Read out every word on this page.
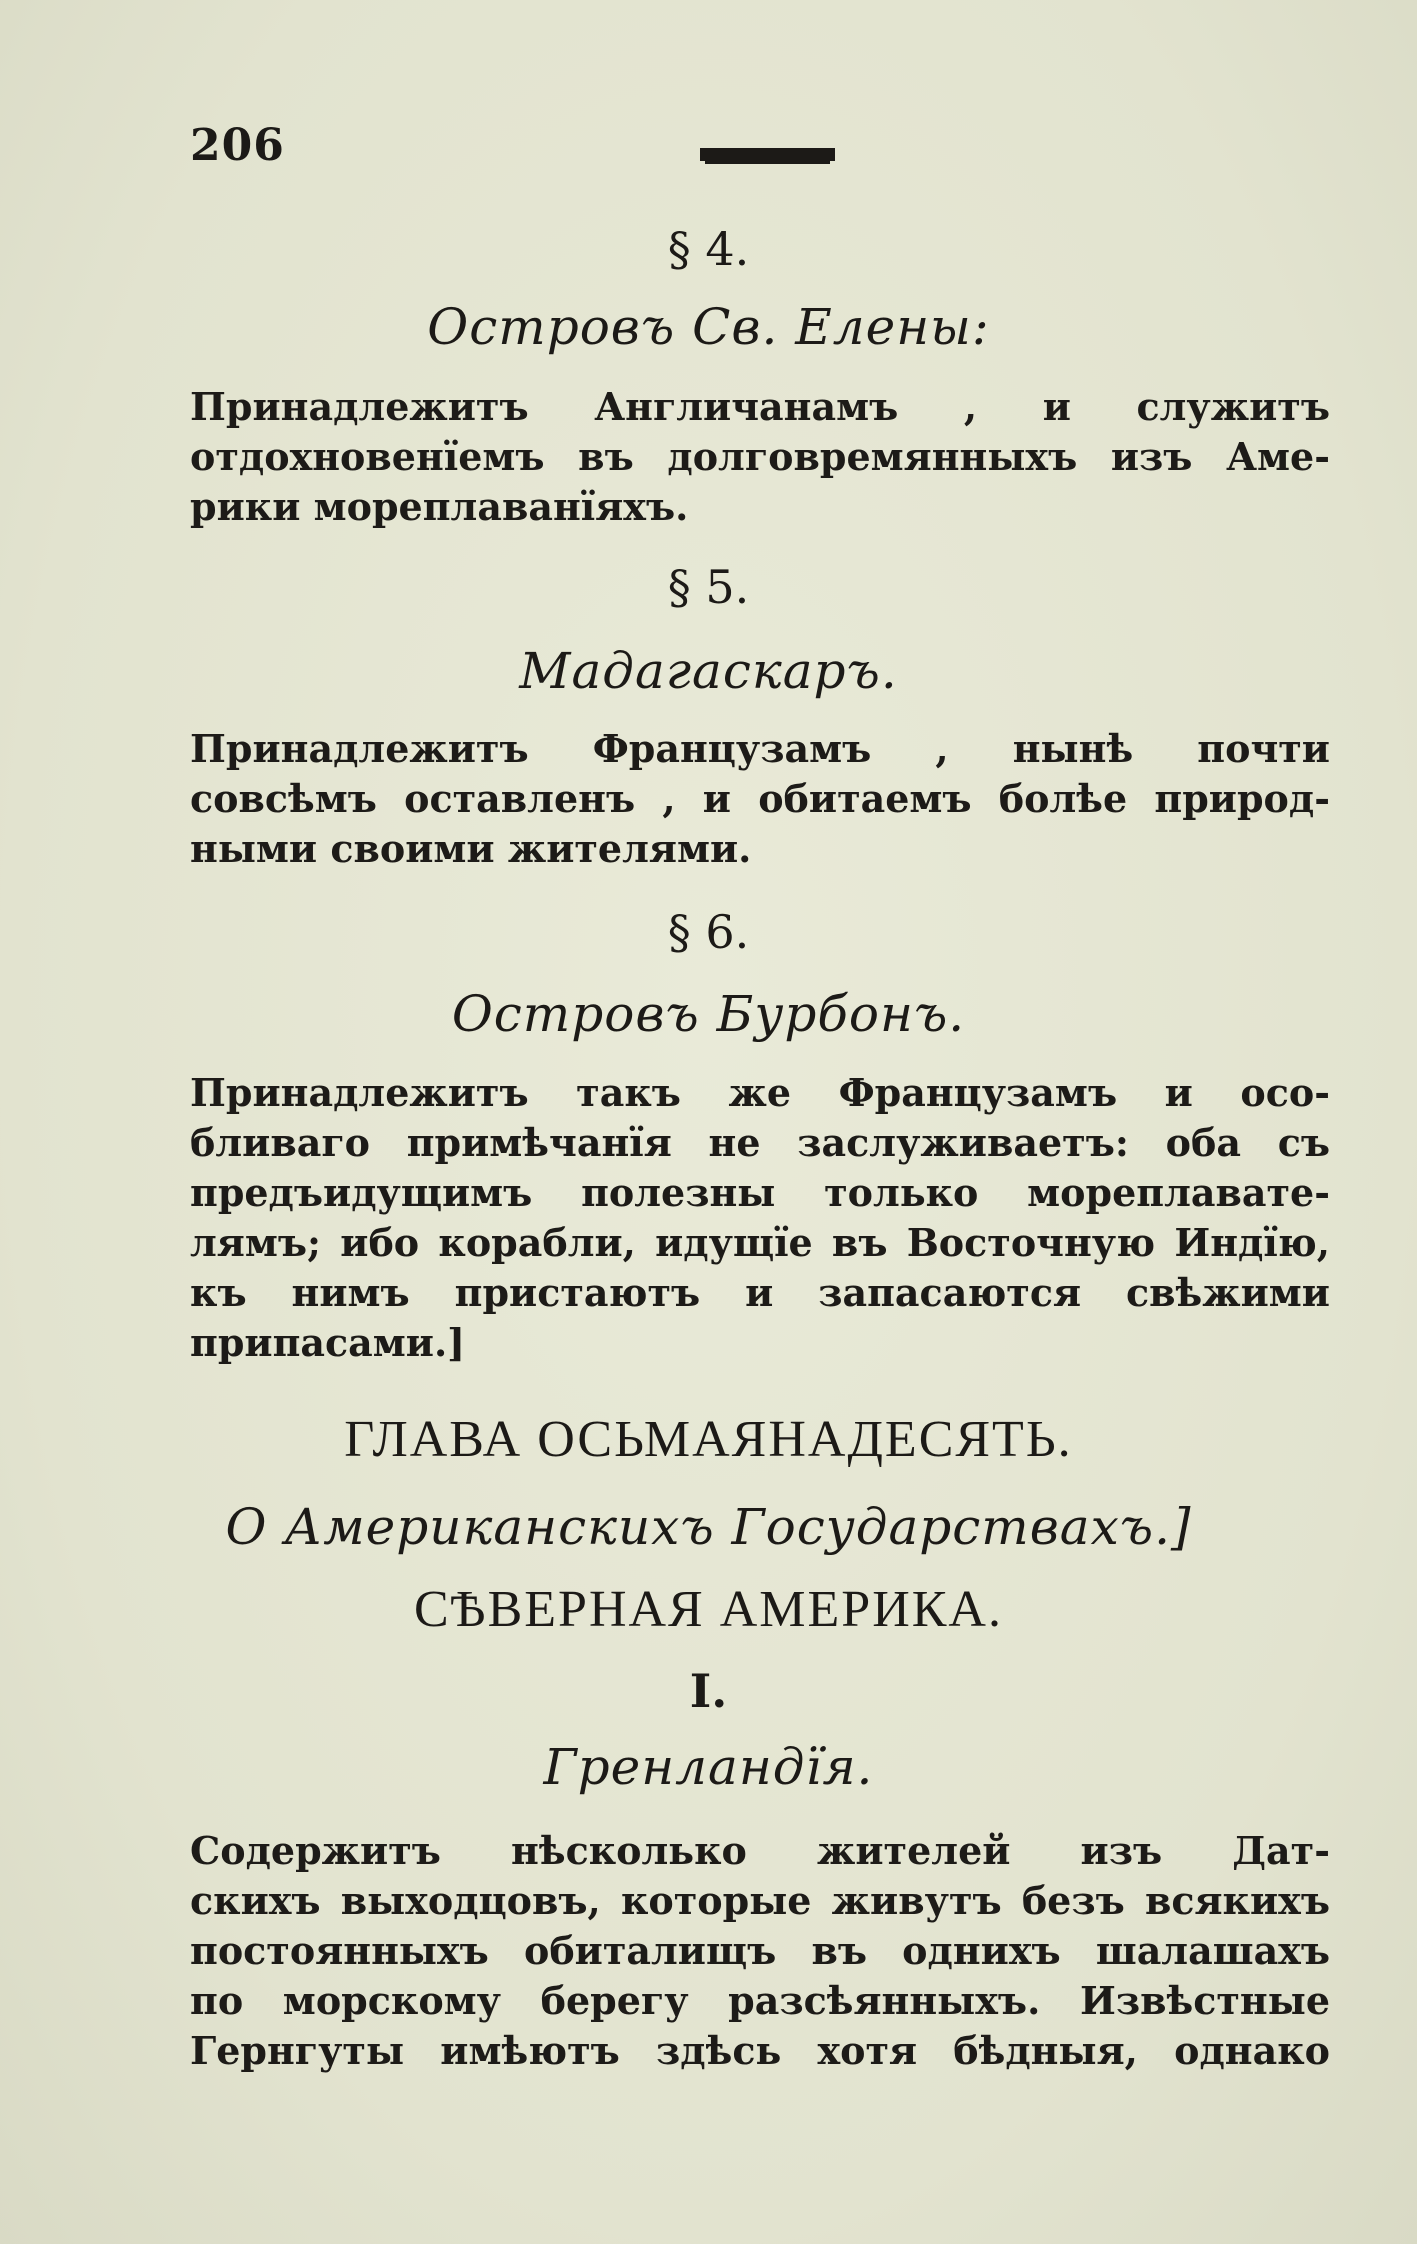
206
§ 4.
Островъ Св. Елены:
Принадлежитъ Англичанамъ , и служитъ
отдохновенїемъ въ долговремянныхъ изъ Аме-
рики мореплаванїяхъ.
§ 5.
Мадагаскаръ.
Принадлежитъ Французамъ , нынѣ почти
совсѣмъ оставленъ , и обитаемъ болѣе природ-
ными своими жителями.
§ 6.
Островъ Бурбонъ.
Принадлежитъ такъ же Французамъ и осо-
бливаго примѣчанїя не заслуживаетъ: оба съ
предъидущимъ полезны только мореплавате-
лямъ; ибо корабли, идущїе въ Восточную Индїю,
къ нимъ пристаютъ и запасаются свѣжими
припасами.]
ГЛАВА ОСЬМАЯНАДЕСЯТЬ.
О Американскихъ Государствахъ.]
СѢВЕРНАЯ АМЕРИКА.
I.
Гренландїя.
Содержитъ нѣсколько жителей изъ Дат-
скихъ выходцовъ, которые живутъ безъ всякихъ
постоянныхъ обиталищъ въ однихъ шалашахъ
по морскому берегу разсѣянныхъ. Извѣстные
Гернгуты имѣютъ здѣсь хотя бѣдныя, однако
